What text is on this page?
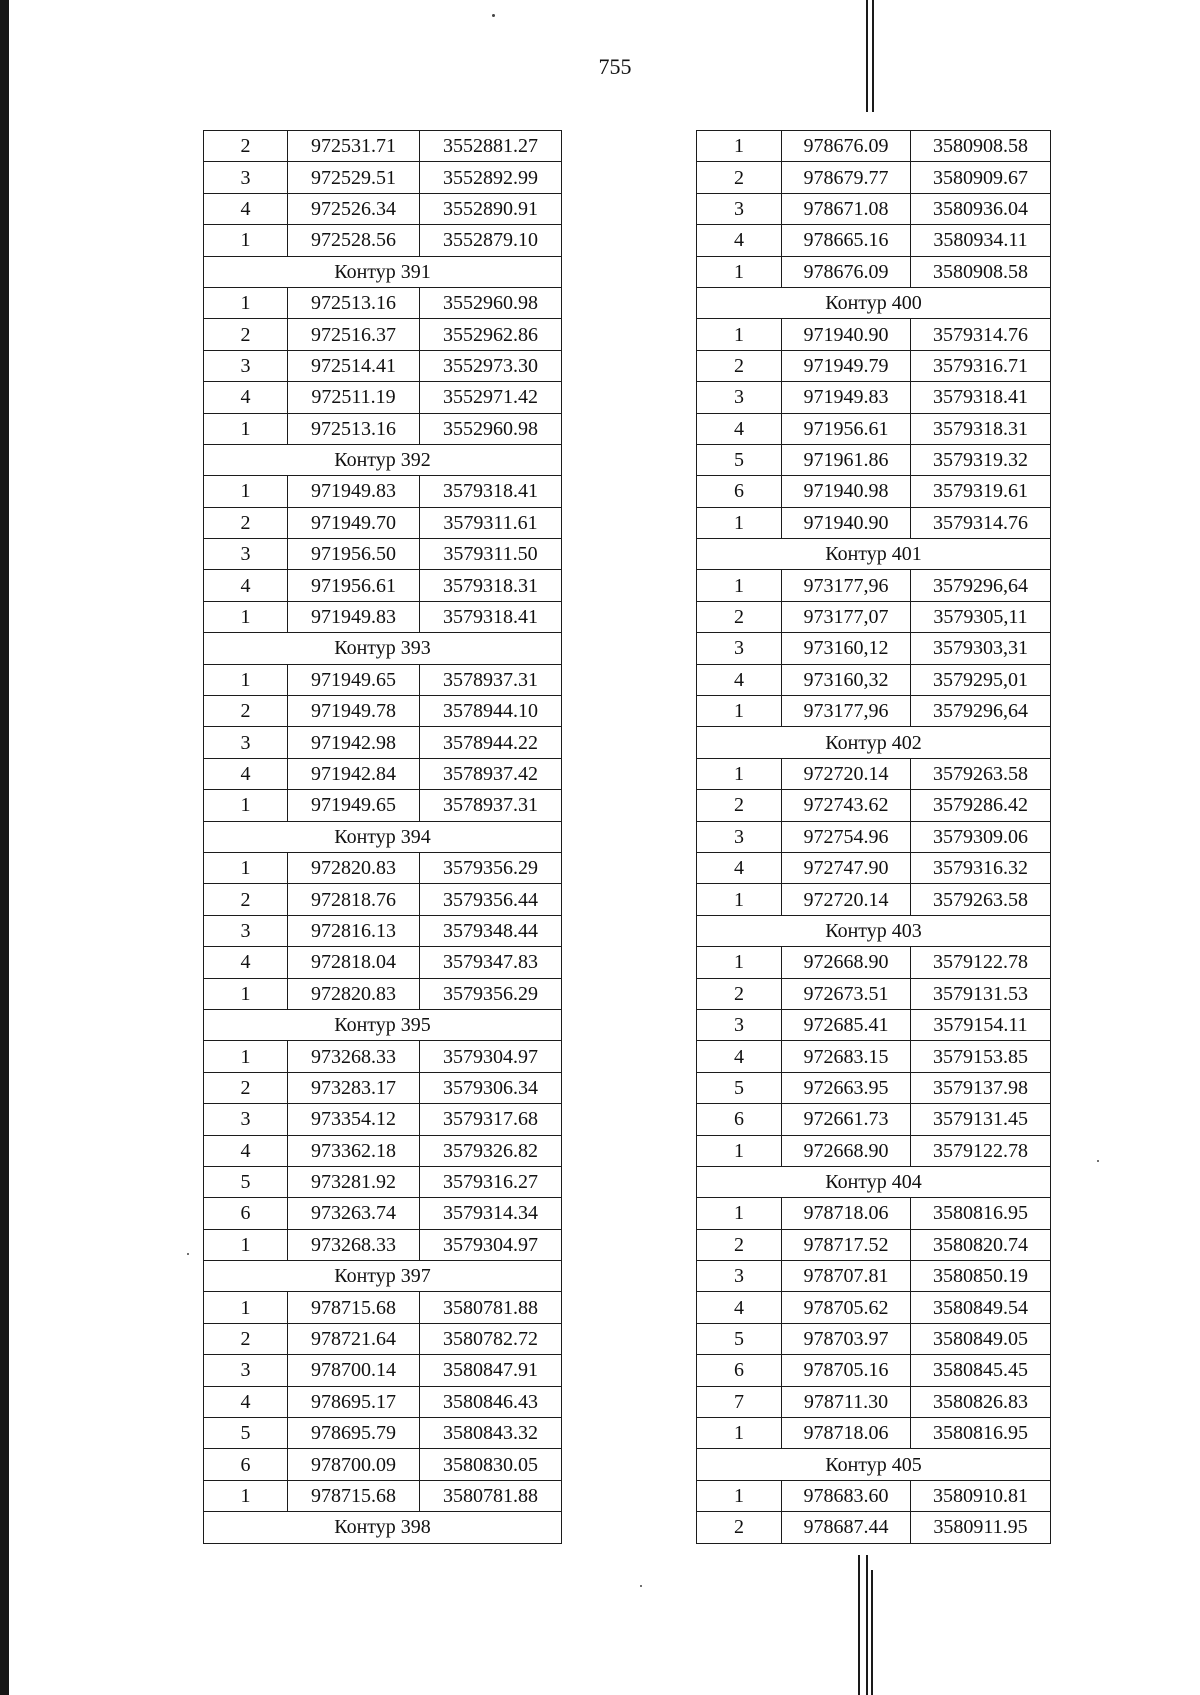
755
2	972531.71	3552881.27
3	972529.51	3552892.99
4	972526.34	3552890.91
1	972528.56	3552879.10
Контур 391		
1	972513.16	3552960.98
2	972516.37	3552962.86
3	972514.41	3552973.30
4	972511.19	3552971.42
1	972513.16	3552960.98
Контур 392		
1	971949.83	3579318.41
2	971949.70	3579311.61
3	971956.50	3579311.50
4	971956.61	3579318.31
1	971949.83	3579318.41
Контур 393		
1	971949.65	3578937.31
2	971949.78	3578944.10
3	971942.98	3578944.22
4	971942.84	3578937.42
1	971949.65	3578937.31
Контур 394		
1	972820.83	3579356.29
2	972818.76	3579356.44
3	972816.13	3579348.44
4	972818.04	3579347.83
1	972820.83	3579356.29
Контур 395		
1	973268.33	3579304.97
2	973283.17	3579306.34
3	973354.12	3579317.68
4	973362.18	3579326.82
5	973281.92	3579316.27
6	973263.74	3579314.34
1	973268.33	3579304.97
Контур 397		
1	978715.68	3580781.88
2	978721.64	3580782.72
3	978700.14	3580847.91
4	978695.17	3580846.43
5	978695.79	3580843.32
6	978700.09	3580830.05
1	978715.68	3580781.88
Контур 398		
1	978676.09	3580908.58
2	978679.77	3580909.67
3	978671.08	3580936.04
4	978665.16	3580934.11
1	978676.09	3580908.58
Контур 400		
1	971940.90	3579314.76
2	971949.79	3579316.71
3	971949.83	3579318.41
4	971956.61	3579318.31
5	971961.86	3579319.32
6	971940.98	3579319.61
1	971940.90	3579314.76
Контур 401		
1	973177,96	3579296,64
2	973177,07	3579305,11
3	973160,12	3579303,31
4	973160,32	3579295,01
1	973177,96	3579296,64
Контур 402		
1	972720.14	3579263.58
2	972743.62	3579286.42
3	972754.96	3579309.06
4	972747.90	3579316.32
1	972720.14	3579263.58
Контур 403		
1	972668.90	3579122.78
2	972673.51	3579131.53
3	972685.41	3579154.11
4	972683.15	3579153.85
5	972663.95	3579137.98
6	972661.73	3579131.45
1	972668.90	3579122.78
Контур 404		
1	978718.06	3580816.95
2	978717.52	3580820.74
3	978707.81	3580850.19
4	978705.62	3580849.54
5	978703.97	3580849.05
6	978705.16	3580845.45
7	978711.30	3580826.83
1	978718.06	3580816.95
Контур 405		
1	978683.60	3580910.81
2	978687.44	3580911.95
